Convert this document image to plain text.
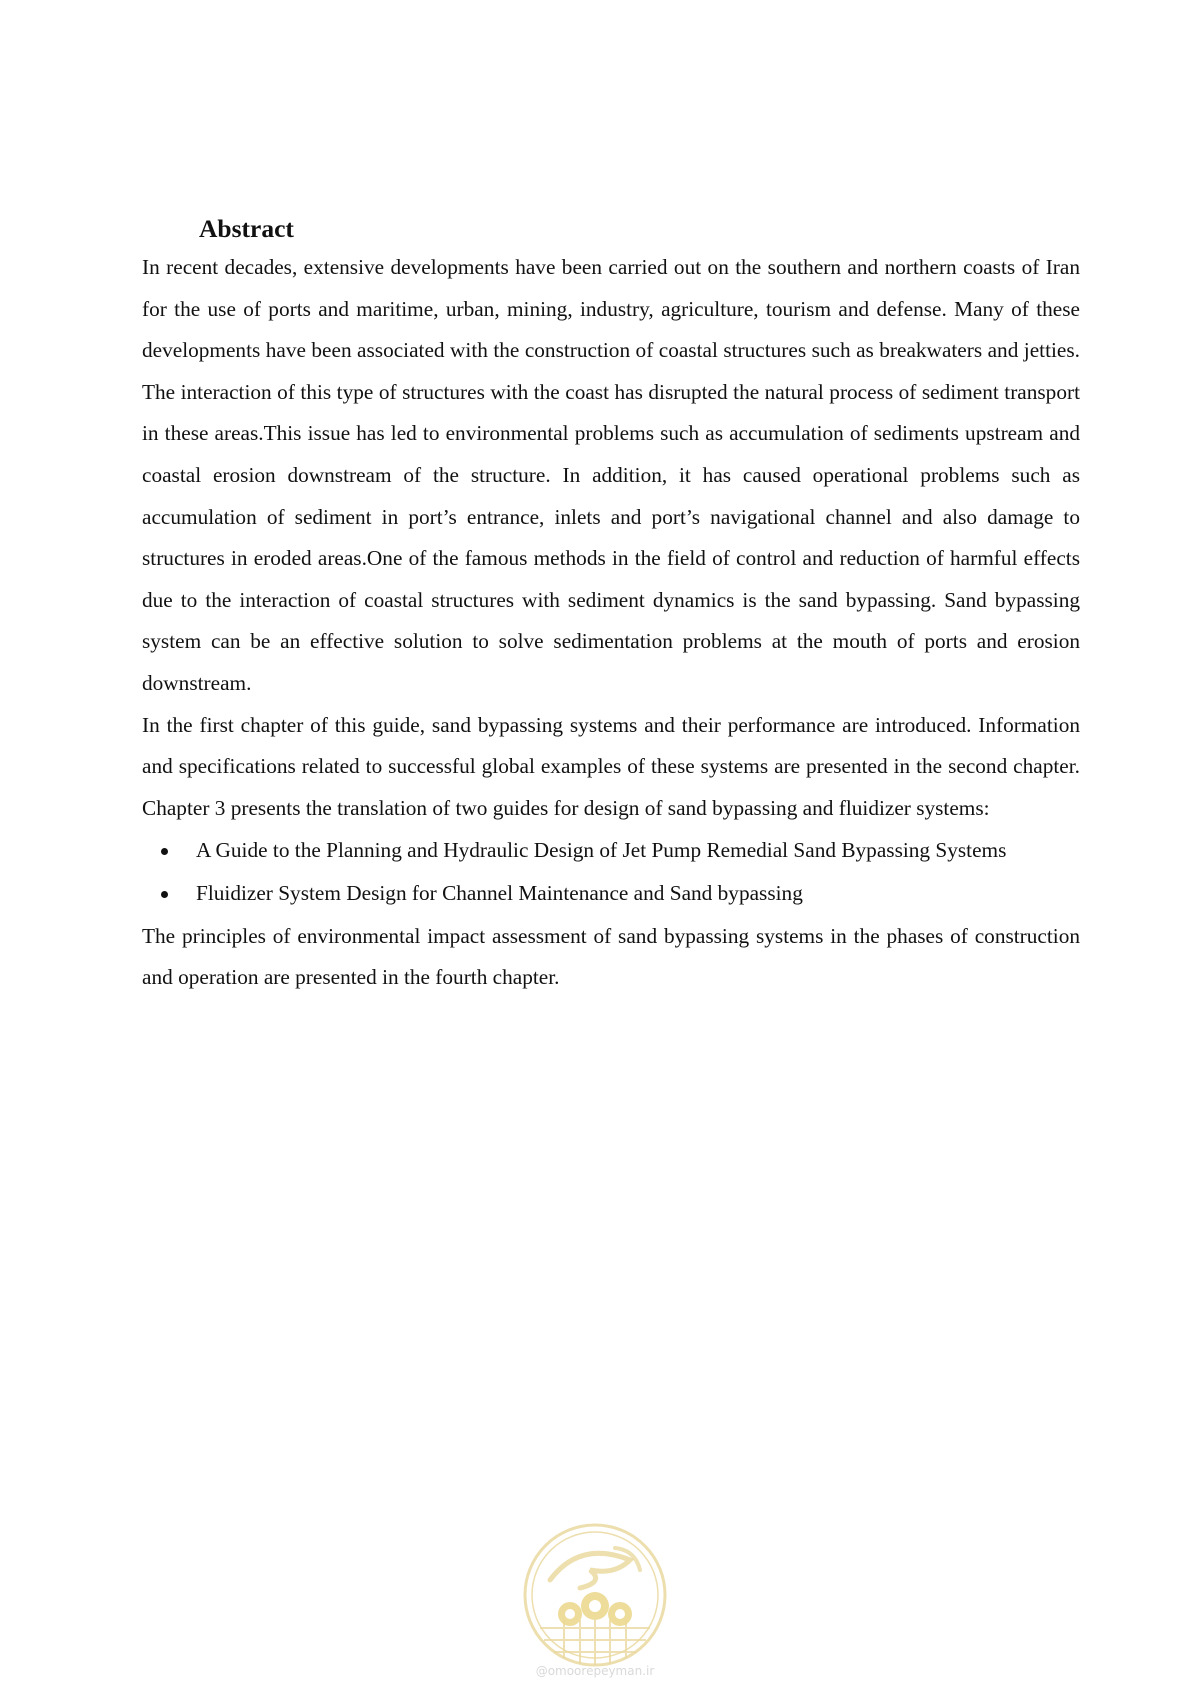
Abstract

In recent decades, extensive developments have been carried out on the southern and northern coasts of Iran for the use of ports and maritime, urban, mining, industry, agriculture, tourism and defense. Many of these developments have been associated with the construction of coastal structures such as breakwaters and jetties. The interaction of this type of structures with the coast has disrupted the natural process of sediment transport in these areas.This issue has led to environmental problems such as accumulation of sediments upstream and coastal erosion downstream of the structure. In addition, it has caused operational problems such as accumulation of sediment in port’s entrance, inlets and port’s navigational channel and also damage to structures in eroded areas.One of the famous methods in the field of control and reduction of harmful effects due to the interaction of coastal structures with sediment dynamics is the sand bypassing. Sand bypassing system can be an effective solution to solve sedimentation problems at the mouth of ports and erosion downstream.

In the first chapter of this guide, sand bypassing systems and their performance are introduced. Information and specifications related to successful global examples of these systems are presented in the second chapter. Chapter 3 presents the translation of two guides for design of sand bypassing and fluidizer systems:

A Guide to the Planning and Hydraulic Design of Jet Pump Remedial Sand Bypassing Systems
Fluidizer System Design for Channel Maintenance and Sand bypassing

The principles of environmental impact assessment of sand bypassing systems in the phases of construction and operation are presented in the fourth chapter.

@omoorepeyman.ir
